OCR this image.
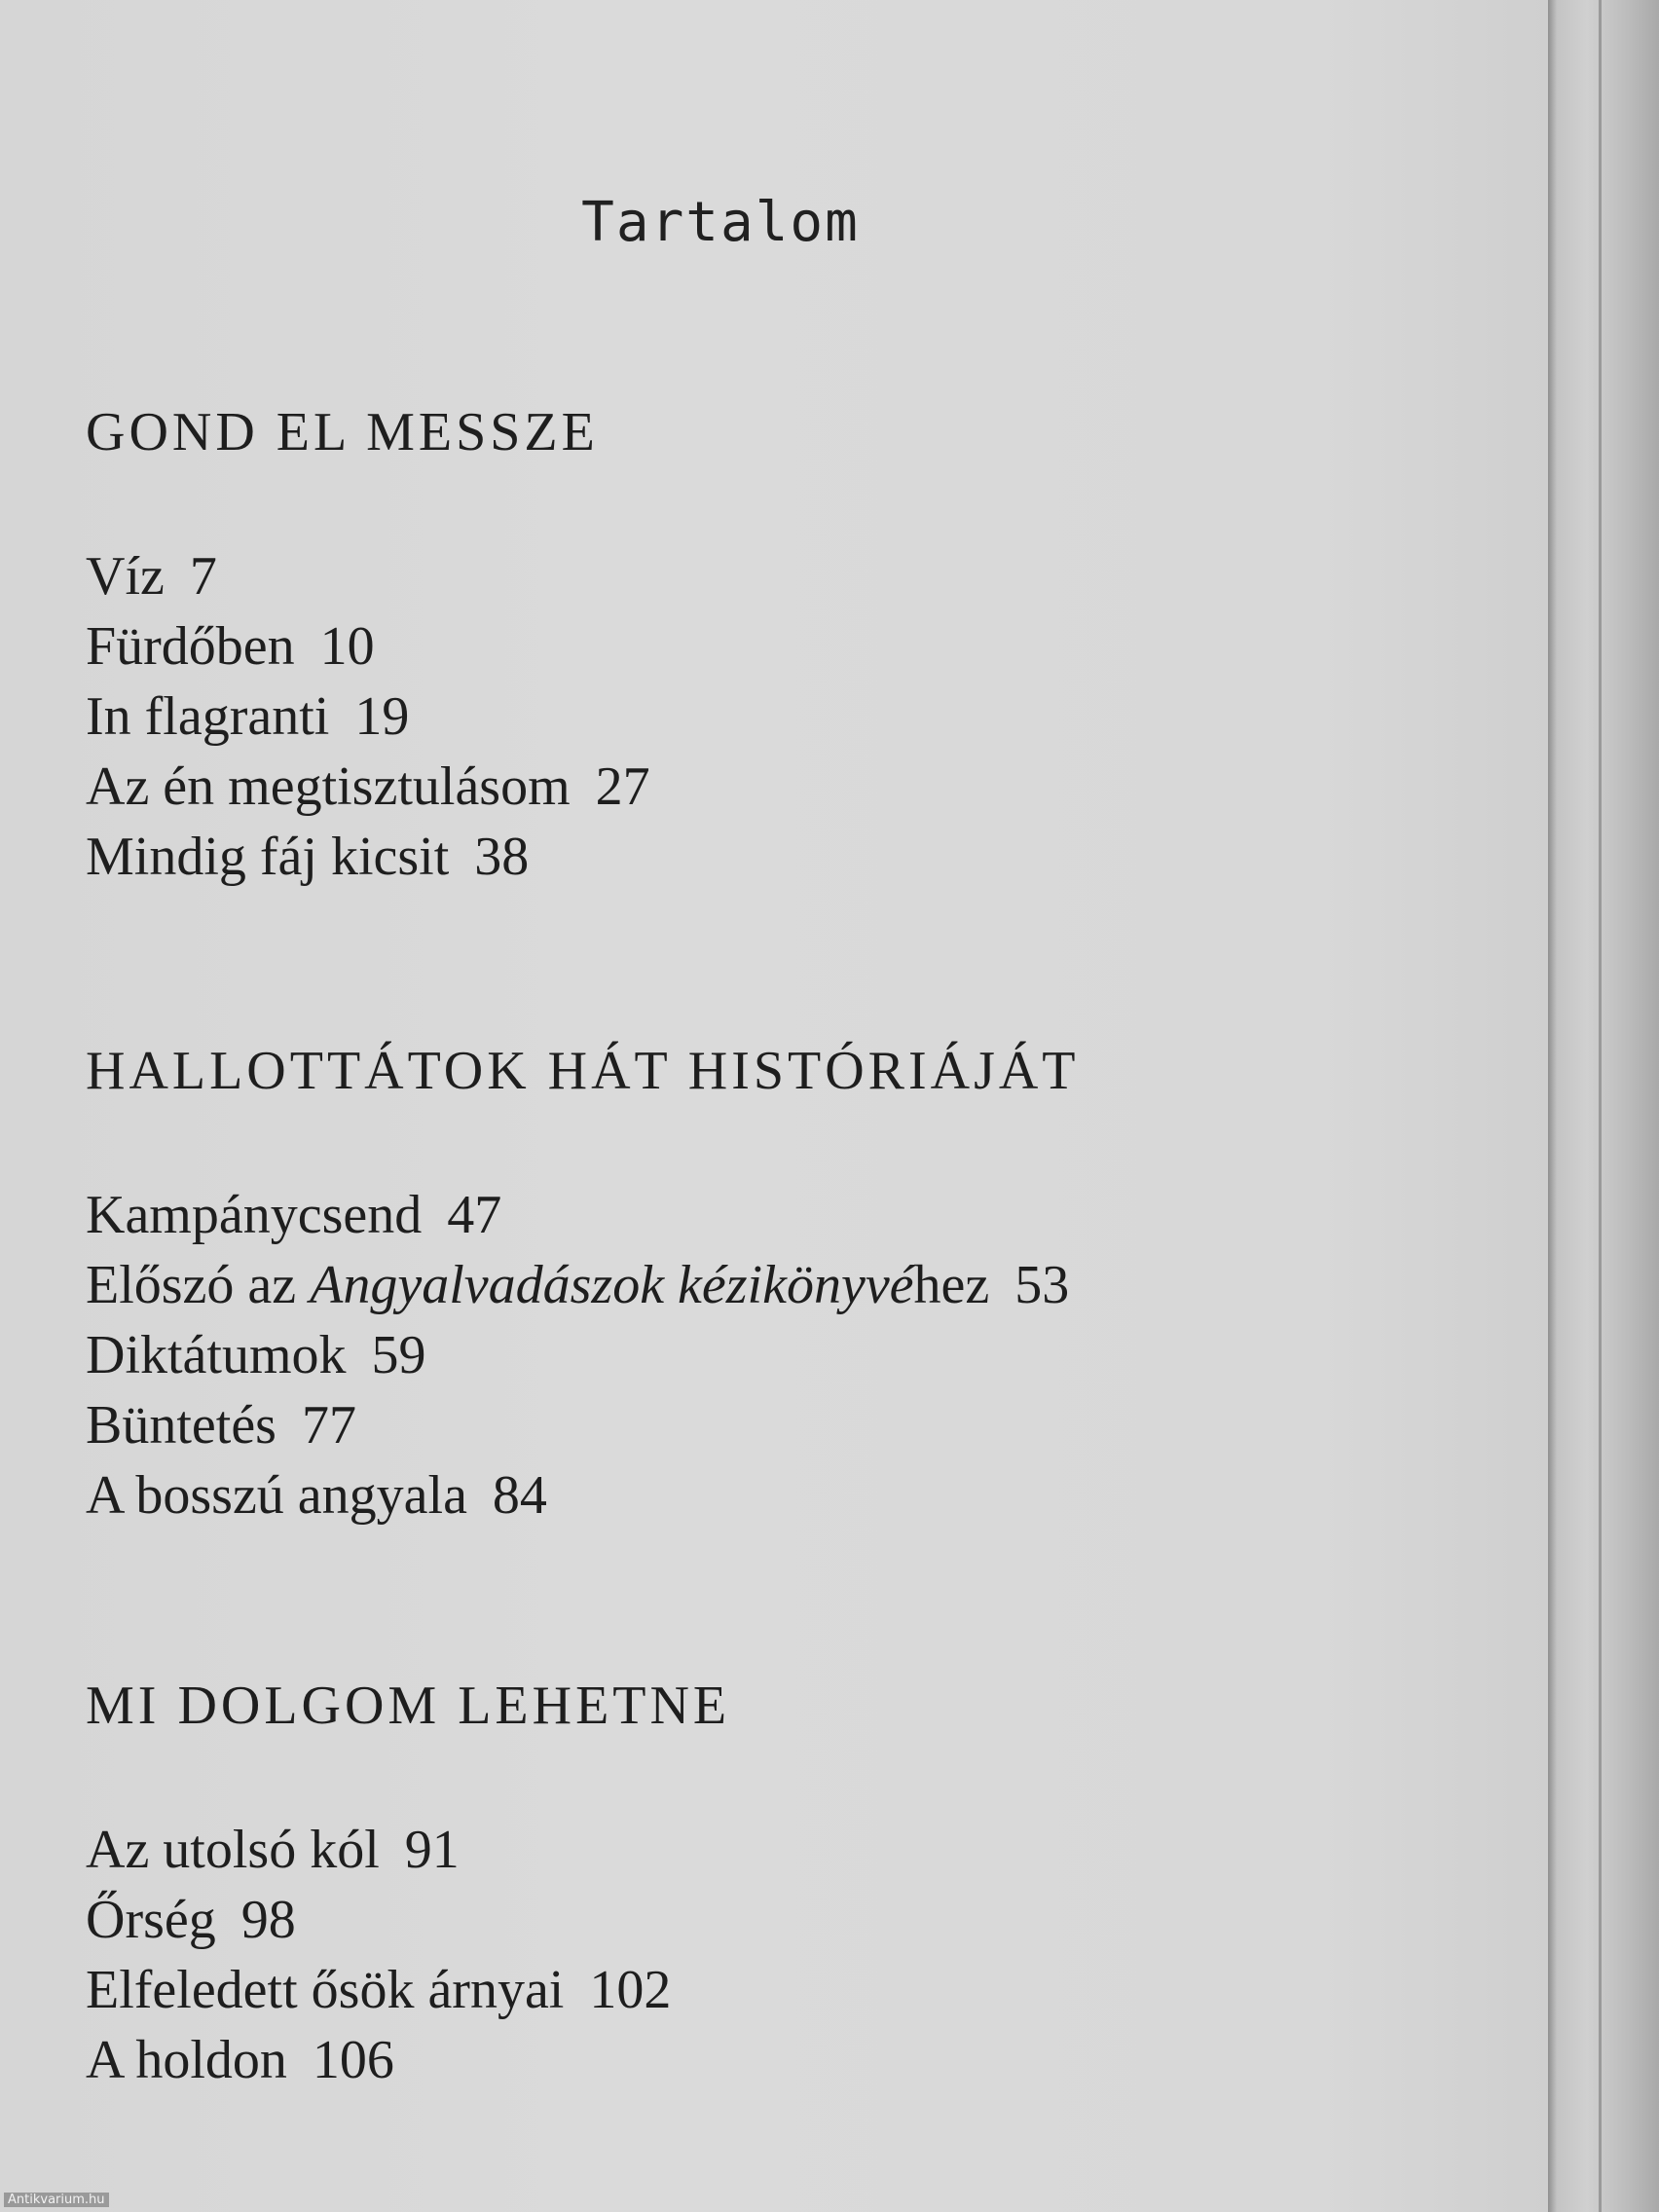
Tartalom
GOND EL MESSZE
Víz 7
Fürdőben 10
In flagranti 19
Az én megtisztulásom 27
Mindig fáj kicsit 38
HALLOTTÁTOK HÁT HISTÓRIÁJÁT
Kampánycsend 47
Előszó az Angyalvadászok kézikönyvéhez 53
Diktátumok 59
Büntetés 77
A bosszú angyala 84
MI DOLGOM LEHETNE
Az utolsó kól 91
Őrség 98
Elfeledett ősök árnyai 102
A holdon 106
Antikvarium.hu
